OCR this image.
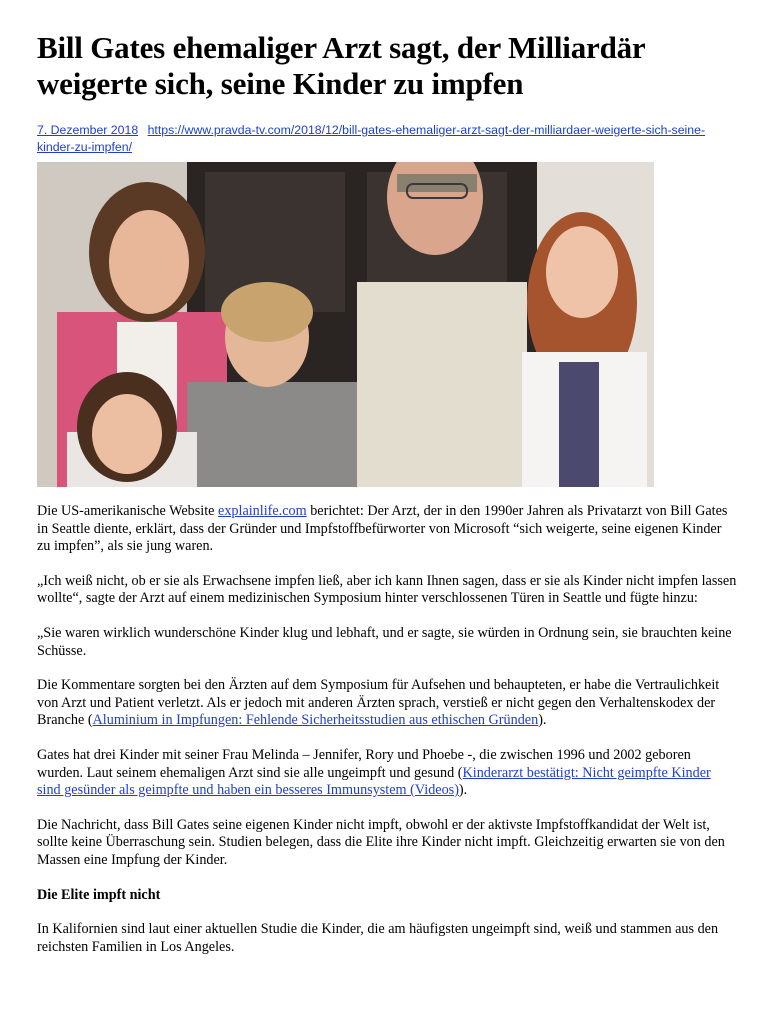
Bill Gates ehemaliger Arzt sagt, der Milliardär weigerte sich, seine Kinder zu impfen
7. Dezember 2018 https://www.pravda-tv.com/2018/12/bill-gates-ehemaliger-arzt-sagt-der-milliardaer-weigerte-sich-seine-kinder-zu-impfen/

Die US-amerikanische Website explainlife.com berichtet: Der Arzt, der in den 1990er Jahren als Privatarzt von Bill Gates in Seattle diente, erklärt, dass der Gründer und Impfstoffbefürworter von Microsoft “sich weigerte, seine eigenen Kinder zu impfen”, als sie jung waren.

„Ich weiß nicht, ob er sie als Erwachsene impfen ließ, aber ich kann Ihnen sagen, dass er sie als Kinder nicht impfen lassen wollte“, sagte der Arzt auf einem medizinischen Symposium hinter verschlossenen Türen in Seattle und fügte hinzu:

„Sie waren wirklich wunderschöne Kinder klug und lebhaft, und er sagte, sie würden in Ordnung sein, sie brauchten keine Schüsse.

Die Kommentare sorgten bei den Ärzten auf dem Symposium für Aufsehen und behaupteten, er habe die Vertraulichkeit von Arzt und Patient verletzt. Als er jedoch mit anderen Ärzten sprach, verstieß er nicht gegen den Verhaltenskodex der Branche (Aluminium in Impfungen: Fehlende Sicherheitsstudien aus ethischen Gründen).

Gates hat drei Kinder mit seiner Frau Melinda – Jennifer, Rory und Phoebe -, die zwischen 1996 und 2002 geboren wurden. Laut seinem ehemaligen Arzt sind sie alle ungeimpft und gesund (Kinderarzt bestätigt: Nicht geimpfte Kinder sind gesünder als geimpfte und haben ein besseres Immunsystem (Videos)).

Die Nachricht, dass Bill Gates seine eigenen Kinder nicht impft, obwohl er der aktivste Impfstoffkandidat der Welt ist, sollte keine Überraschung sein. Studien belegen, dass die Elite ihre Kinder nicht impft. Gleichzeitig erwarten sie von den Massen eine Impfung der Kinder.

Die Elite impft nicht

In Kalifornien sind laut einer aktuellen Studie die Kinder, die am häufigsten ungeimpft sind, weiß und stammen aus den reichsten Familien in Los Angeles.
